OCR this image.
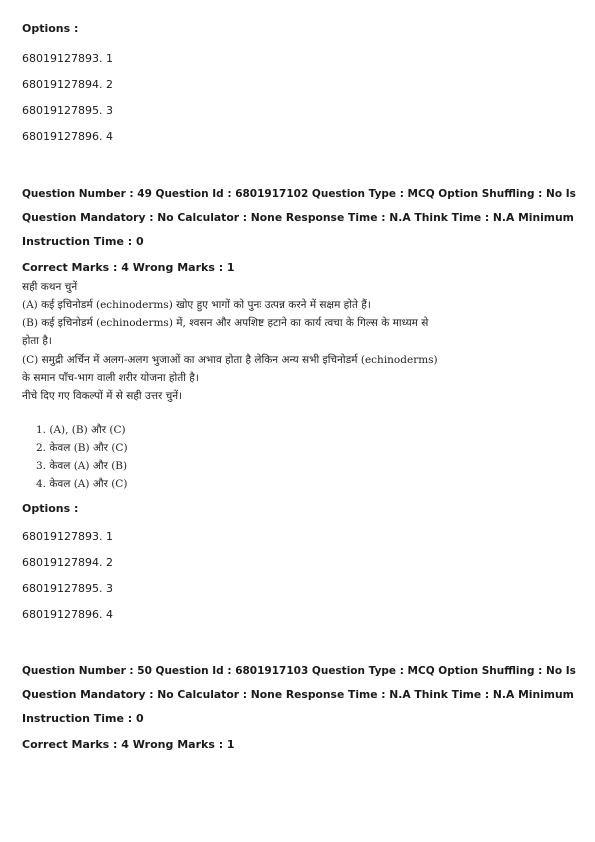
Options :
68019127893. 1
68019127894. 2
68019127895. 3
68019127896. 4
Question Number : 49 Question Id : 6801917102 Question Type : MCQ Option Shuffling : No Is
Question Mandatory : No Calculator : None Response Time : N.A Think Time : N.A Minimum
Instruction Time : 0
Correct Marks : 4 Wrong Marks : 1
सही कथन चुनें
(A) कई इचिनोडर्म (echinoderms) खोए हुए भागों को पुनः उत्पन्न करने में सक्षम होते हैं।
(B) कई इचिनोडर्म (echinoderms) में, श्वसन और अपशिष्ट हटाने का कार्य त्वचा के गिल्स के माध्यम से
होता है।
(C) समुद्री अर्चिन में अलग-अलग भुजाओं का अभाव होता है लेकिन अन्य सभी इचिनोडर्म (echinoderms)
के समान पाँच-भाग वाली शरीर योजना होती है।
नीचे दिए गए विकल्पों में से सही उत्तर चुनें।
1. (A), (B) और (C)
2. केवल (B) और (C)
3. केवल (A) और (B)
4. केवल (A) और (C)
Options :
68019127893. 1
68019127894. 2
68019127895. 3
68019127896. 4
Question Number : 50 Question Id : 6801917103 Question Type : MCQ Option Shuffling : No Is
Question Mandatory : No Calculator : None Response Time : N.A Think Time : N.A Minimum
Instruction Time : 0
Correct Marks : 4 Wrong Marks : 1
